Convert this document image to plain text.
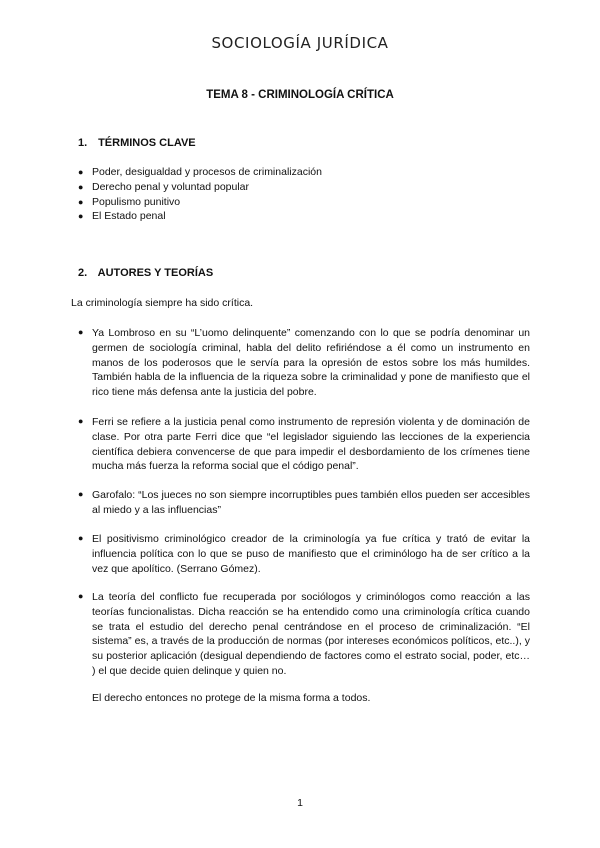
SOCIOLOGÍA JURÍDICA
TEMA 8 - CRIMINOLOGÍA CRÍTICA
1. TÉRMINOS CLAVE
● Poder, desigualdad y procesos de criminalización
● Derecho penal y voluntad popular
● Populismo punitivo
● El Estado penal
2. AUTORES Y TEORÍAS
La criminología siempre ha sido crítica.
● Ya Lombroso en su “L’uomo delinquente” comenzando con lo que se podría denominar un germen de sociología criminal, habla del delito refiriéndose a él como un instrumento en manos de los poderosos que le servía para la opresión de estos sobre los más humildes. También habla de la influencia de la riqueza sobre la criminalidad y pone de manifiesto que el rico tiene más defensa ante la justicia del pobre.
● Ferri se refiere a la justicia penal como instrumento de represión violenta y de dominación de clase. Por otra parte Ferri dice que “el legislador siguiendo las lecciones de la experiencia científica debiera convencerse de que para impedir el desbordamiento de los crímenes tiene mucha más fuerza la reforma social que el código penal”.
● Garofalo: “Los jueces no son siempre incorruptibles pues también ellos pueden ser accesibles al miedo y a las influencias”
● El positivismo criminológico creador de la criminología ya fue crítica y trató de evitar la influencia política con lo que se puso de manifiesto que el criminólogo ha de ser crítico a la vez que apolítico. (Serrano Gómez).
● La teoría del conflicto fue recuperada por sociólogos y criminólogos como reacción a las teorías funcionalistas. Dicha reacción se ha entendido como una criminología crítica cuando se trata el estudio del derecho penal centrándose en el proceso de criminalización. “El sistema” es, a través de la producción de normas (por intereses económicos políticos, etc..), y su posterior aplicación (desigual dependiendo de factores como el estrato social, poder, etc… ) el que decide quien delinque y quien no.
El derecho entonces no protege de la misma forma a todos.
1
